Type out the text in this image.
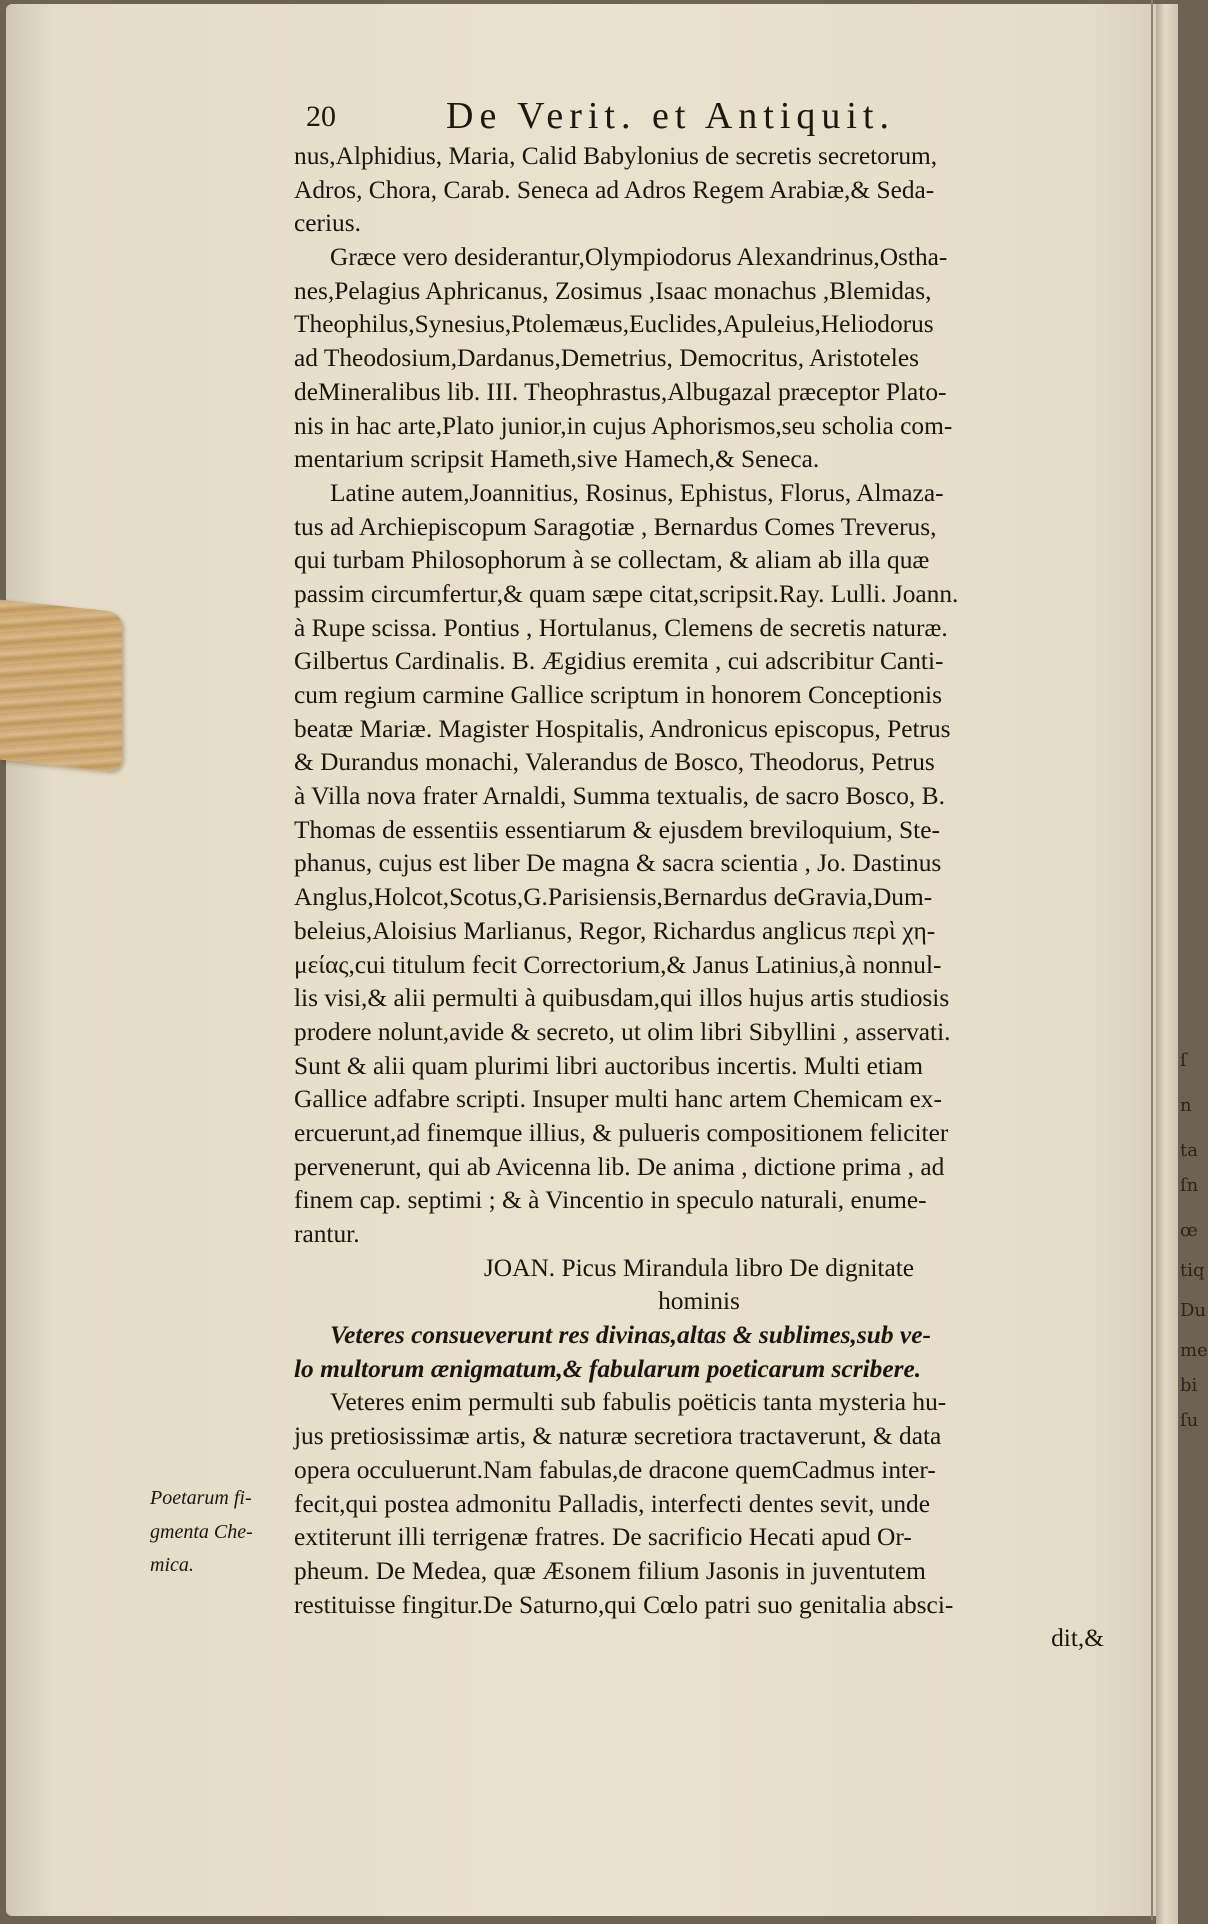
20	De Verit. et Antiquit.
nus,Alphidius, Maria, Calid Babylonius de secretis secretorum,
Adros, Chora, Carab. Seneca ad Adros Regem Arabiæ,& Seda-
cerius.
Græce vero desiderantur,Olympiodorus Alexandrinus,Ostha-
nes,Pelagius Aphricanus, Zosimus ,Isaac monachus ,Blemidas,
Theophilus,Synesius,Ptolemæus,Euclides,Apuleius,Heliodorus
ad Theodosium,Dardanus,Demetrius, Democritus, Aristoteles
deMineralibus lib. III. Theophrastus,Albugazal præceptor Plato-
nis in hac arte,Plato junior,in cujus Aphorismos,seu scholia com-
mentarium scripsit Hameth,sive Hamech,& Seneca.
Latine autem,Joannitius, Rosinus, Ephistus, Florus, Almaza-
tus ad Archiepiscopum Saragotiæ , Bernardus Comes Treverus,
qui turbam Philosophorum à se collectam, & aliam ab illa quæ
passim circumfertur,& quam sæpe citat,scripsit.Ray. Lulli. Joann.
à Rupe scissa. Pontius , Hortulanus, Clemens de secretis naturæ.
Gilbertus Cardinalis. B. Ægidius eremita , cui adscribitur Canti-
cum regium carmine Gallice scriptum in honorem Conceptionis
beatæ Mariæ. Magister Hospitalis, Andronicus episcopus, Petrus
& Durandus monachi, Valerandus de Bosco, Theodorus, Petrus
à Villa nova frater Arnaldi, Summa textualis, de sacro Bosco, B.
Thomas de essentiis essentiarum & ejusdem breviloquium, Ste-
phanus, cujus est liber De magna & sacra scientia , Jo. Dastinus
Anglus,Holcot,Scotus,G.Parisiensis,Bernardus deGravia,Dum-
beleius,Aloisius Marlianus, Regor, Richardus anglicus περὶ χη-
μείας,cui titulum fecit Correctorium,& Janus Latinius,à nonnul-
lis visi,& alii permulti à quibusdam,qui illos hujus artis studiosis
prodere nolunt,avide & secreto, ut olim libri Sibyllini , asservati.
Sunt & alii quam plurimi libri auctoribus incertis. Multi etiam
Gallice adfabre scripti. Insuper multi hanc artem Chemicam ex-
ercuerunt,ad finemque illius, & pulueris compositionem feliciter
pervenerunt, qui ab Avicenna lib. De anima , dictione prima , ad
finem cap. septimi ; & à Vincentio in speculo naturali, enume-
rantur.
JOAN. Picus Mirandula libro De dignitate
hominis
Veteres consueverunt res divinas,altas & sublimes,sub ve-
lo multorum ænigmatum,& fabularum poeticarum scribere.
Veteres enim permulti sub fabulis poëticis tanta mysteria hu-
jus pretiosissimæ artis, & naturæ secretiora tractaverunt, & data
opera occuluerunt.Nam fabulas,de dracone quemCadmus inter-
fecit,qui postea admonitu Palladis, interfecti dentes sevit, unde
extiterunt illi terrigenæ fratres. De sacrificio Hecati apud Or-
pheum. De Medea, quæ Æsonem filium Jasonis in juventutem
restituisse fingitur.De Saturno,qui Cœlo patri suo genitalia absci-
dit,&
Poetarum fi-
gmenta Che-
mica.
ſ
n
ta
ſn
œ
tiq
Du
me
bi
ſu
